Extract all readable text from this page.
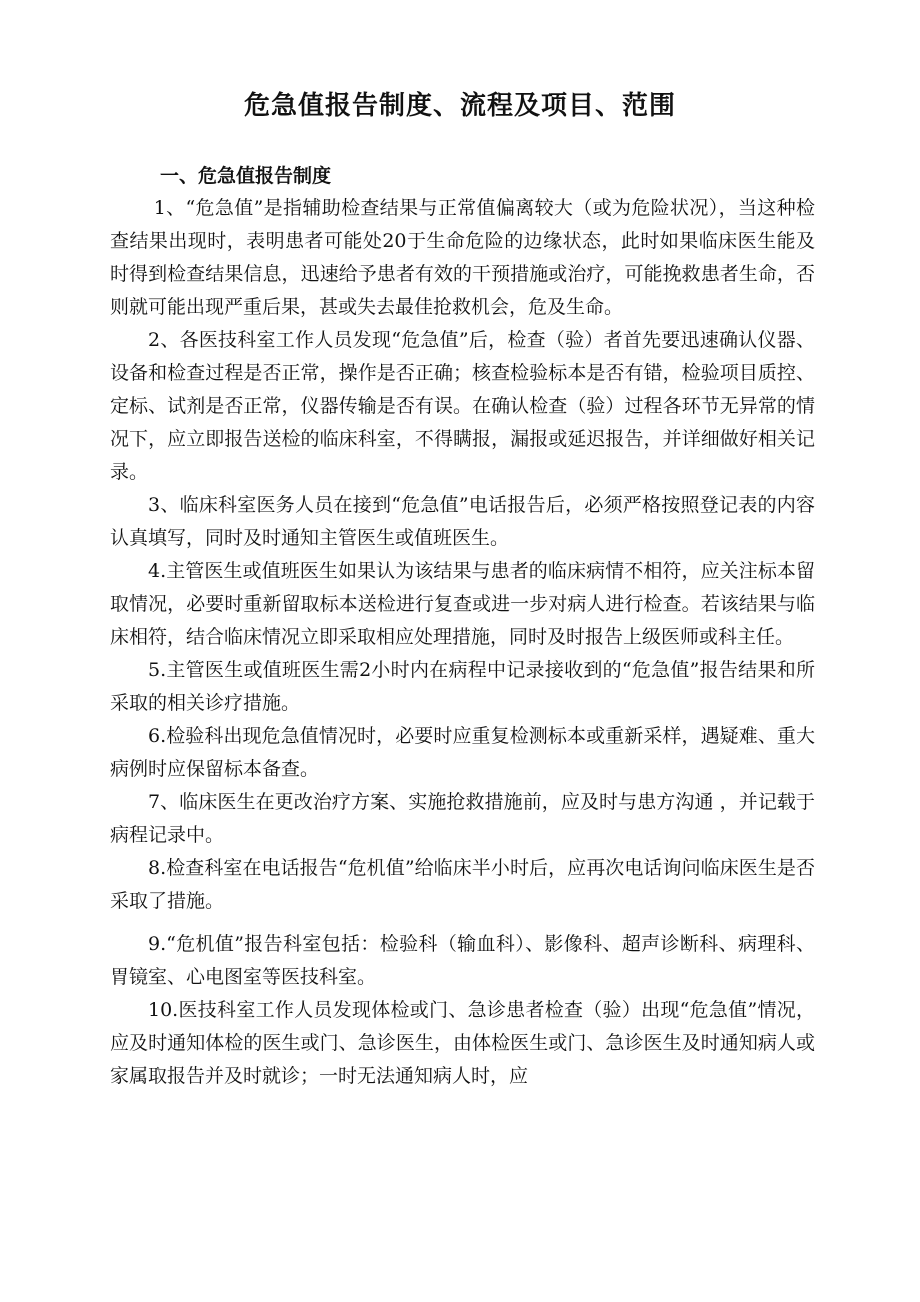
危急值报告制度、流程及项目、范围
一、危急值报告制度

1、“危急值”是指辅助检查结果与正常值偏离较大（或为危险状况），当这种检查结果出现时，表明患者可能处20于生命危险的边缘状态，此时如果临床医生能及时得到检查结果信息，迅速给予患者有效的干预措施或治疗，可能挽救患者生命，否则就可能出现严重后果，甚或失去最佳抢救机会，危及生命。

2、各医技科室工作人员发现“危急值”后，检查（验）者首先要迅速确认仪器、设备和检查过程是否正常，操作是否正确；核查检验标本是否有错，检验项目质控、定标、试剂是否正常，仪器传输是否有误。在确认检查（验）过程各环节无异常的情况下，应立即报告送检的临床科室，不得瞒报，漏报或延迟报告，并详细做好相关记录。

3、临床科室医务人员在接到“危急值”电话报告后，必须严格按照登记表的内容认真填写，同时及时通知主管医生或值班医生。

4.主管医生或值班医生如果认为该结果与患者的临床病情不相符，应关注标本留取情况，必要时重新留取标本送检进行复查或进一步对病人进行检查。若该结果与临床相符，结合临床情况立即采取相应处理措施，同时及时报告上级医师或科主任。

5.主管医生或值班医生需2小时内在病程中记录接收到的“危急值”报告结果和所采取的相关诊疗措施。

6.检验科出现危急值情况时，必要时应重复检测标本或重新采样，遇疑难、重大病例时应保留标本备查。

7、临床医生在更改治疗方案、实施抢救措施前，应及时与患方沟通 ，并记载于病程记录中。

8.检查科室在电话报告“危机值”给临床半小时后，应再次电话询问临床医生是否采取了措施。

9.“危机值”报告科室包括：检验科（输血科）、影像科、超声诊断科、病理科、胃镜室、心电图室等医技科室。

10.医技科室工作人员发现体检或门、急诊患者检查（验）出现“危急值”情况，应及时通知体检的医生或门、急诊医生，由体检医生或门、急诊医生及时通知病人或家属取报告并及时就诊；一时无法通知病人时，应
